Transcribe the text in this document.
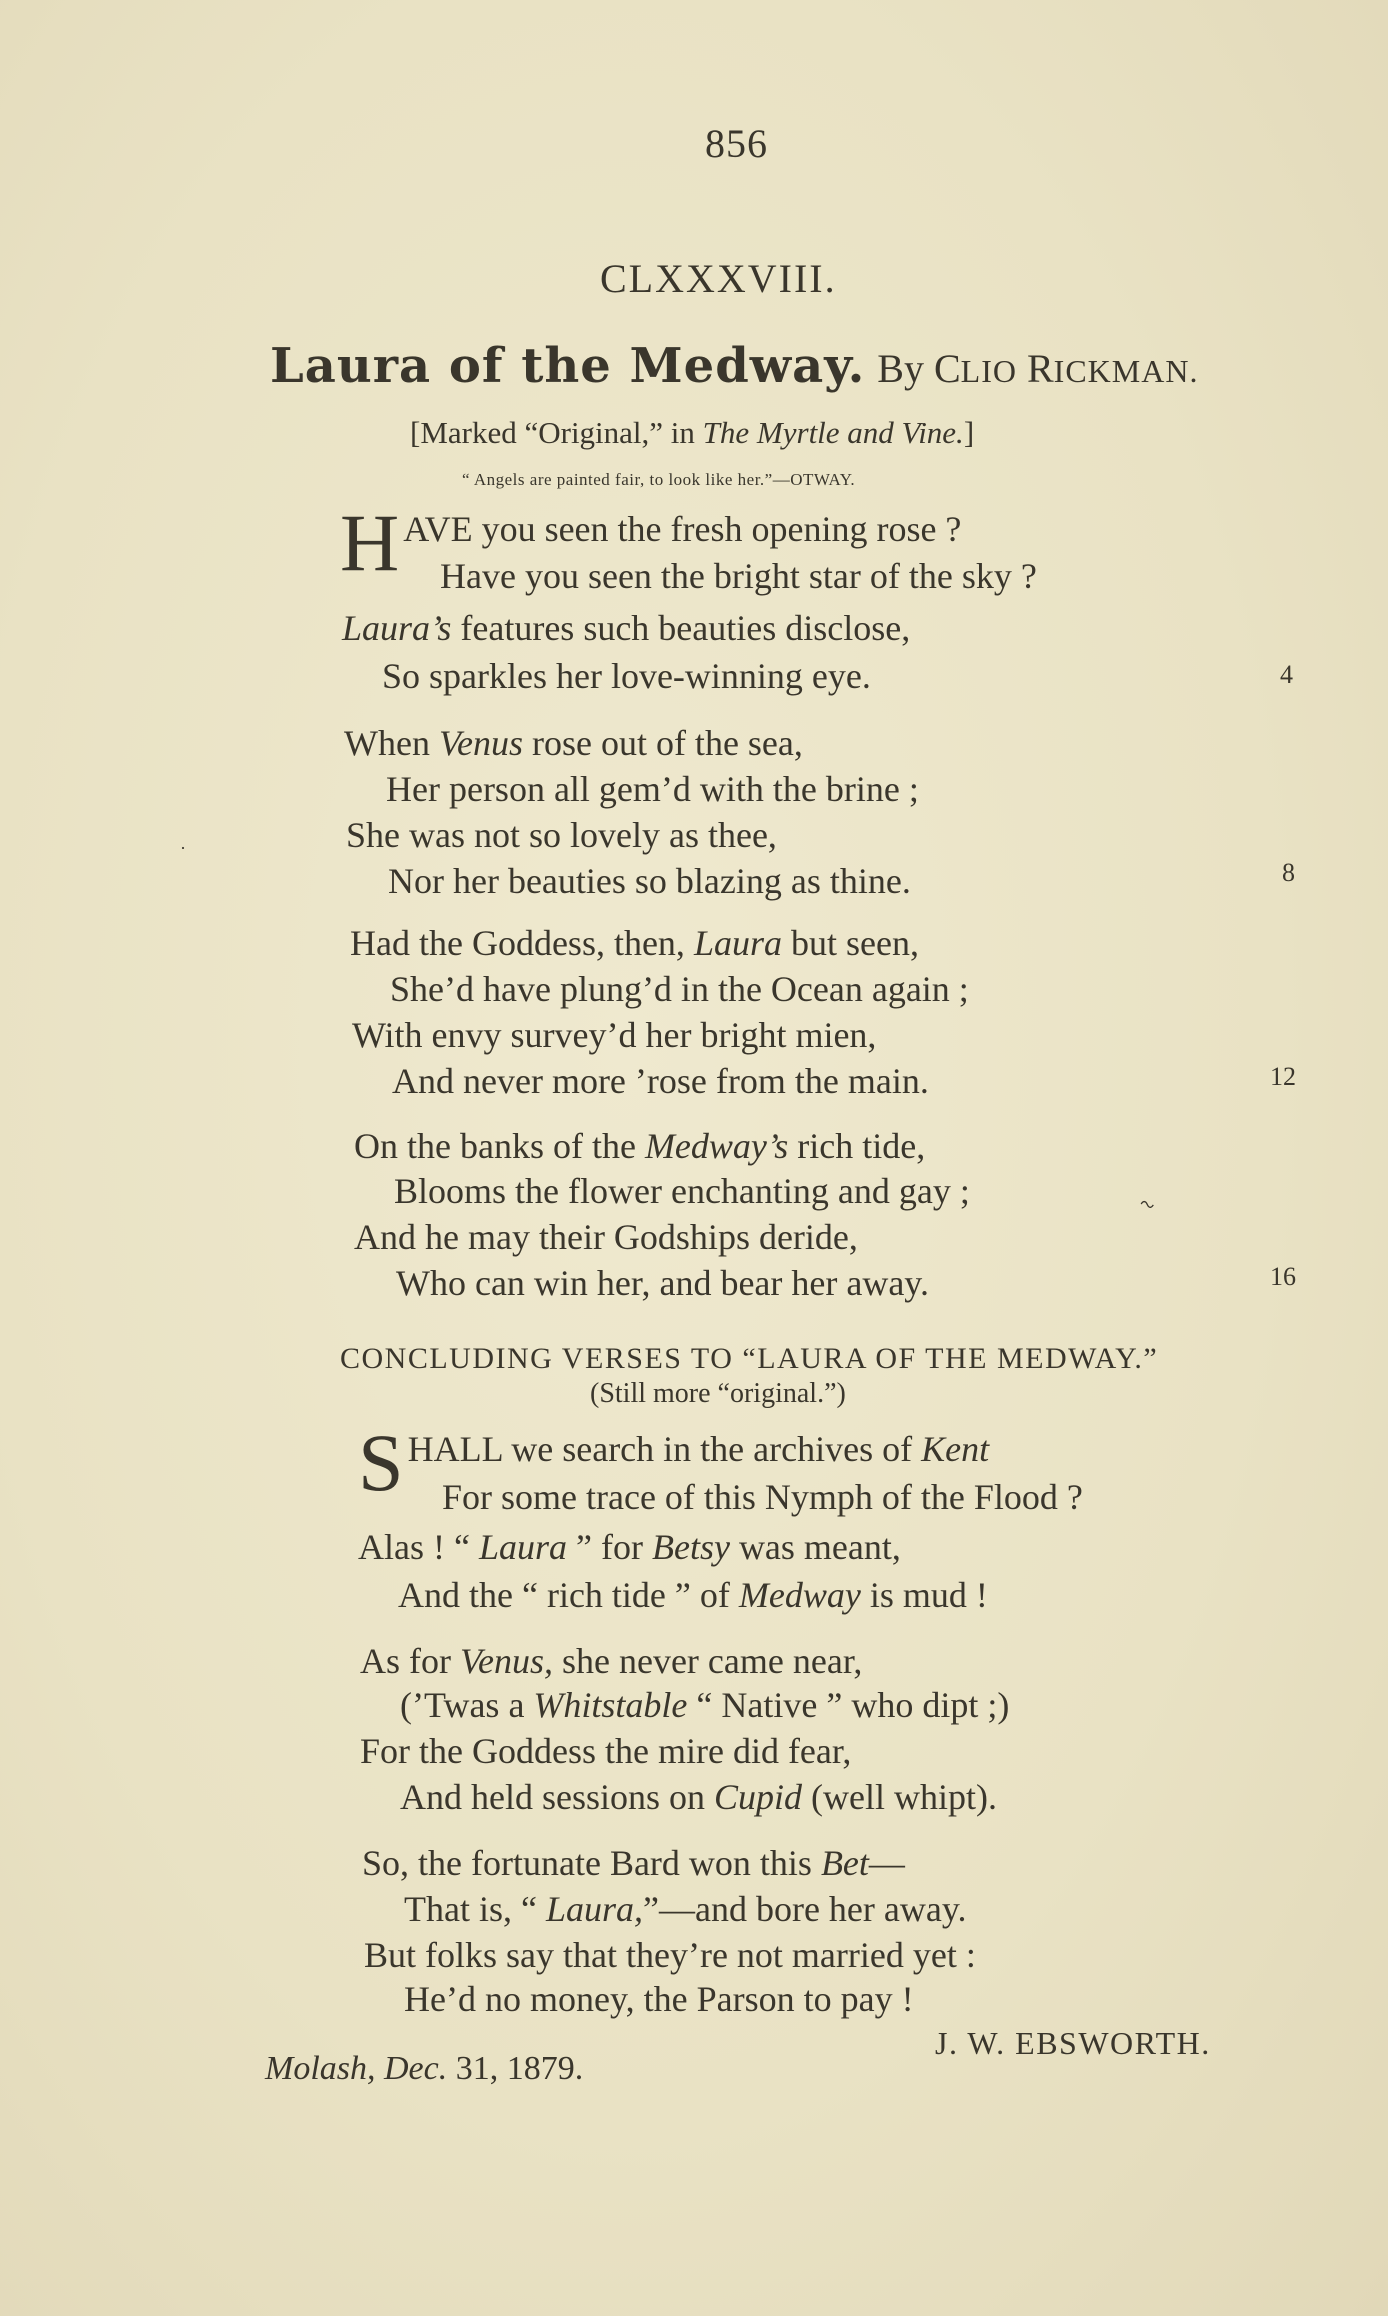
856
CLXXXVIII.
Laura of the Medway. By CLIO RICKMAN.
[Marked “Original,” in The Myrtle and Vine.]
“ Angels are painted fair, to look like her.”—OTWAY.
HAVE you seen the fresh opening rose ?
Have you seen the bright star of the sky ?
Laura’s features such beauties disclose,
So sparkles her love-winning eye.	4
When Venus rose out of the sea,
Her person all gem’d with the brine ;
She was not so lovely as thee,
Nor her beauties so blazing as thine.	8
Had the Goddess, then, Laura but seen,
She’d have plung’d in the Ocean again ;
With envy survey’d her bright mien,
And never more ’rose from the main.	12
On the banks of the Medway’s rich tide,
Blooms the flower enchanting and gay ;	~
And he may their Godships deride,
Who can win her, and bear her away.	16
·
CONCLUDING VERSES TO “LAURA OF THE MEDWAY.”
(Still more “original.”)
SHALL we search in the archives of Kent
For some trace of this Nymph of the Flood ?
Alas ! “ Laura ” for Betsy was meant,
And the “ rich tide ” of Medway is mud !
As for Venus, she never came near,
(’Twas a Whitstable “ Native ” who dipt ;)
For the Goddess the mire did fear,
And held sessions on Cupid (well whipt).
So, the fortunate Bard won this Bet—
That is, “ Laura,”—and bore her away.
But folks say that they’re not married yet :
He’d no money, the Parson to pay !
J. W. EBSWORTH.
Molash, Dec. 31, 1879.
